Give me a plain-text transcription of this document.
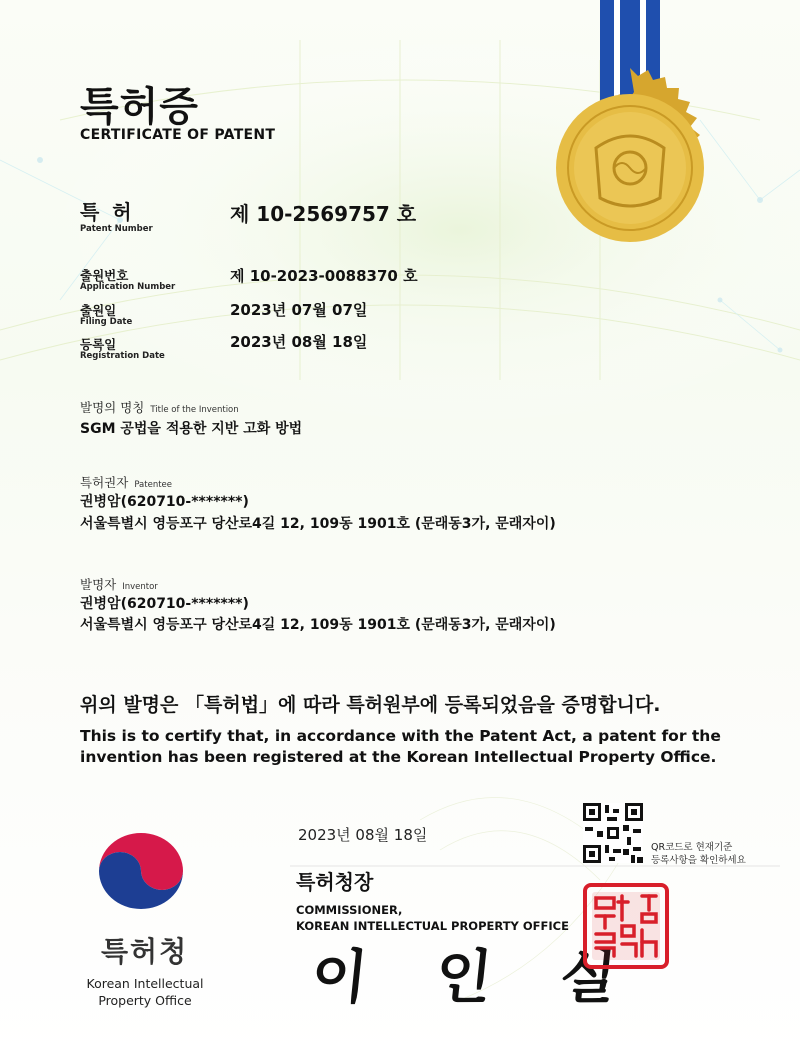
특허증
CERTIFICATE OF PATENT
특 허
Patent Number
제 10-2569757 호
출원번호
Application Number
제 10-2023-0088370 호
출원일
Filing Date
2023년 07월 07일
등록일
Registration Date
2023년 08월 18일
발명의 명칭 Title of the Invention
SGM 공법을 적용한 지반 고화 방법
특허권자 Patentee
권병암(620710-*******)
서울특별시 영등포구 당산로4길 12, 109동 1901호 (문래동3가, 문래자이)
발명자 Inventor
권병암(620710-*******)
서울특별시 영등포구 당산로4길 12, 109동 1901호 (문래동3가, 문래자이)
위의 발명은 「특허법」에 따라 특허원부에 등록되었음을 증명합니다.
This is to certify that, in accordance with the Patent Act, a patent for the
invention has been registered at the Korean Intellectual Property Office.
2023년 08월 18일
QR코드로 현재기준
등록사항을 확인하세요
특허청장
COMMISSIONER,
KOREAN INTELLECTUAL PROPERTY OFFICE
이 인 실
특허청
Korean Intellectual
Property Office
